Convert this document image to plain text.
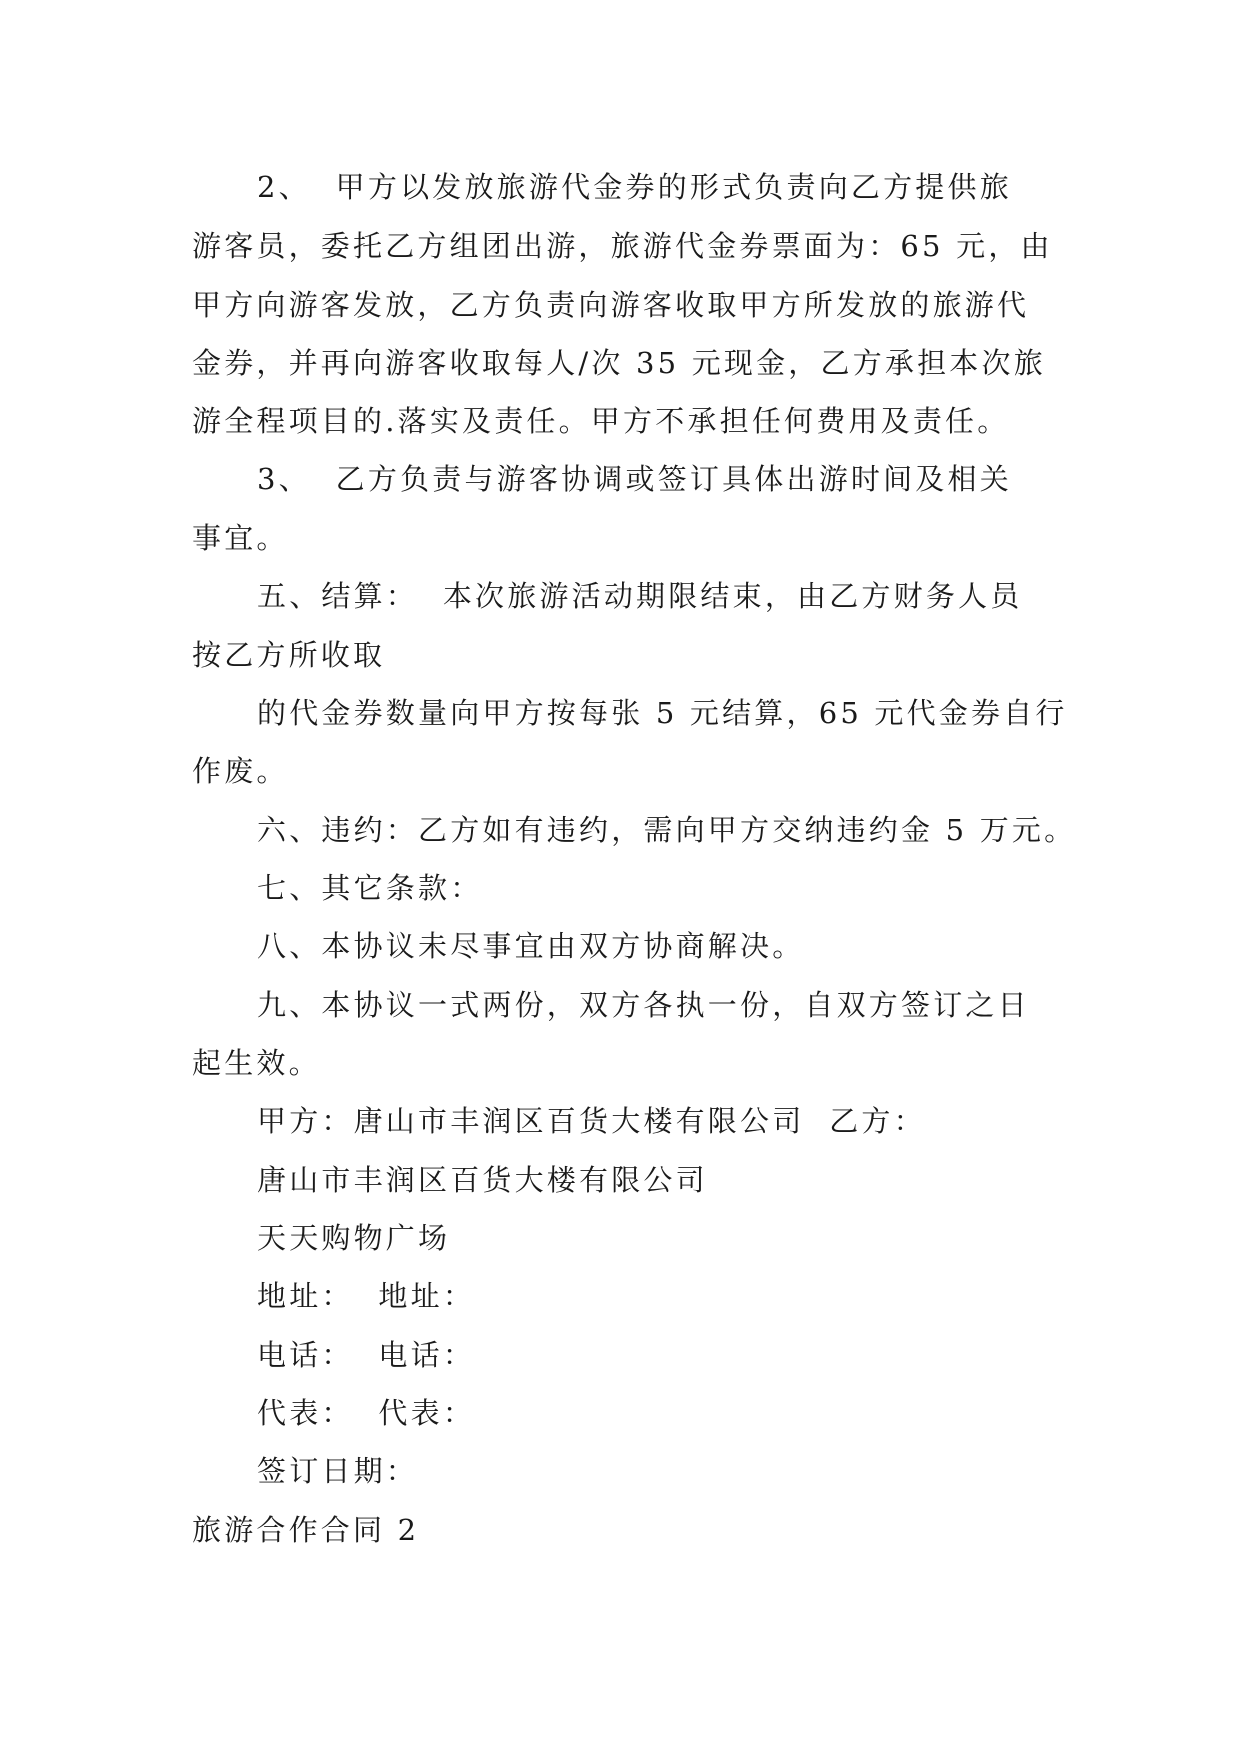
2、  甲方以发放旅游代金券的形式负责向乙方提供旅
游客员，委托乙方组团出游，旅游代金券票面为：65 元，由
甲方向游客发放，乙方负责向游客收取甲方所发放的旅游代
金券，并再向游客收取每人/次 35 元现金，乙方承担本次旅
游全程项目的.落实及责任。甲方不承担任何费用及责任。
3、  乙方负责与游客协调或签订具体出游时间及相关
事宜。
五、结算：  本次旅游活动期限结束，由乙方财务人员
按乙方所收取
的代金券数量向甲方按每张 5 元结算，65 元代金券自行
作废。
六、违约：乙方如有违约，需向甲方交纳违约金 5 万元。
七、其它条款：
八、本协议未尽事宜由双方协商解决。
九、本协议一式两份，双方各执一份，自双方签订之日
起生效。
甲方：唐山市丰润区百货大楼有限公司  乙方：
唐山市丰润区百货大楼有限公司
天天购物广场
地址：  地址：
电话：  电话：
代表：  代表：
签订日期：
旅游合作合同 2
